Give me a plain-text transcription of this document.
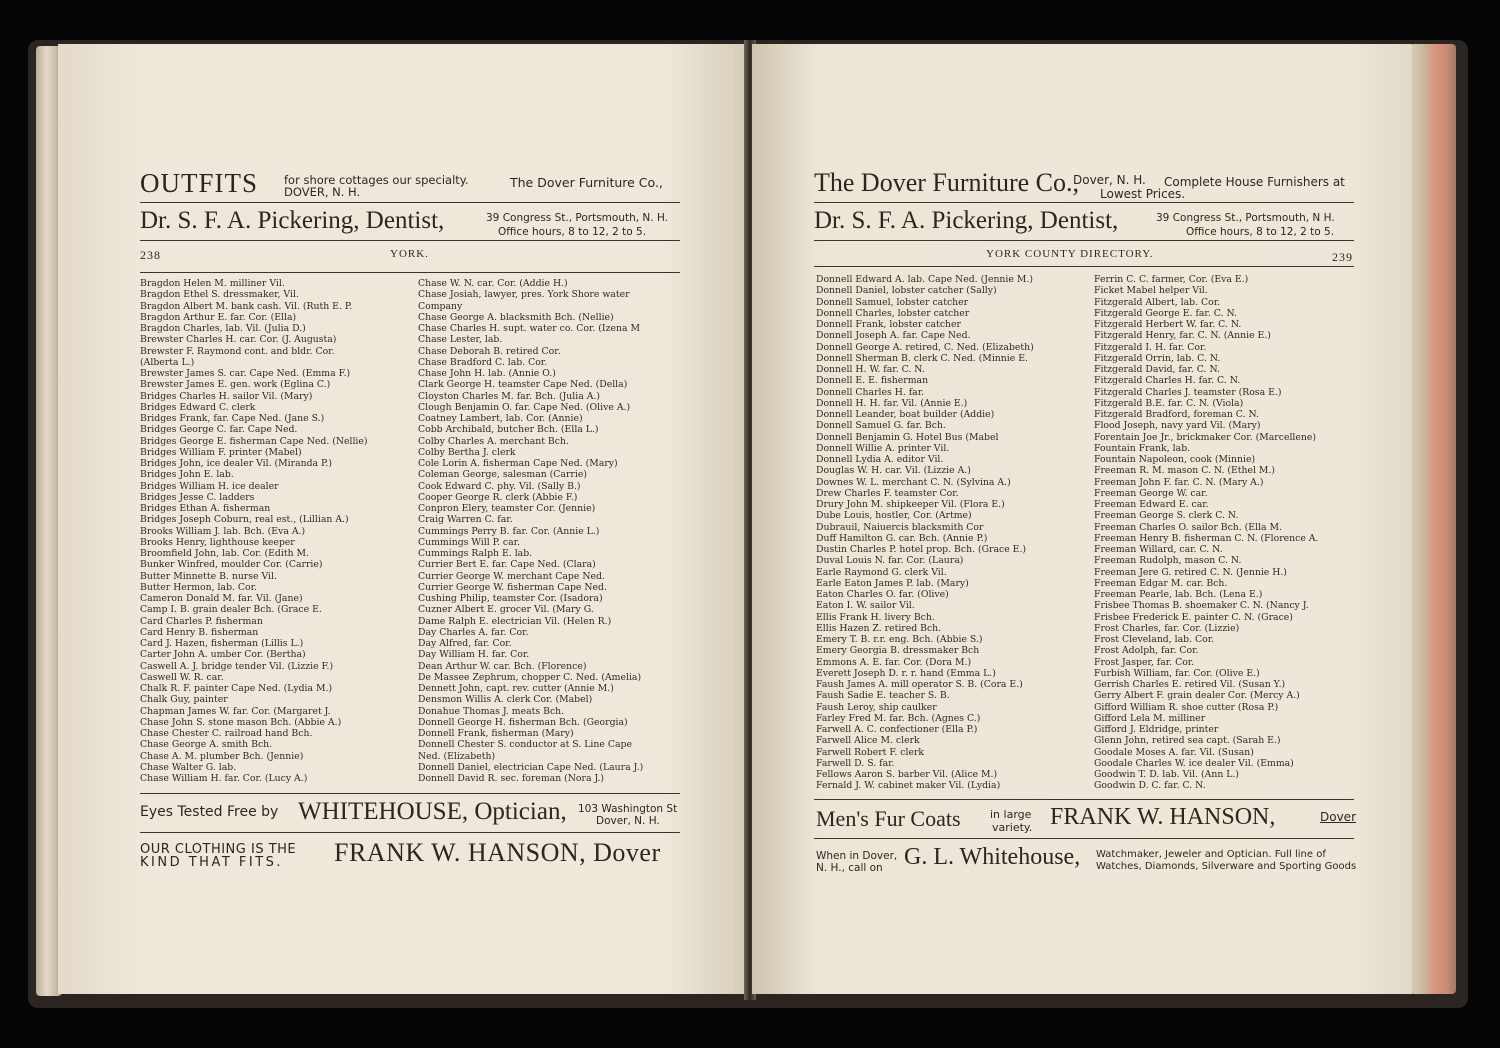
OUTFITS for shore cottages our specialty.
DOVER, N. H.
The Dover Furniture Co.,
Dr. S. F. A. Pickering, Dentist,	39 Congress St., Portsmouth, N. H.
Office hours, 8 to 12, 2 to 5.
238	YORK.
Bragdon Helen M. milliner Vil.
Bragdon Ethel S. dressmaker, Vil.
Bragdon Albert M. bank cash. Vil. (Ruth E. P.
Bragdon Arthur E. far. Cor. (Ella)
Bragdon Charles, lab. Vil. (Julia D.)
Brewster Charles H. car. Cor. (J. Augusta)
Brewster F. Raymond cont. and bldr. Cor.
(Alberta L.)
Brewster James S. car. Cape Ned. (Emma F.)
Brewster James E. gen. work (Eglina C.)
Bridges Charles H. sailor Vil. (Mary)
Bridges Edward C. clerk
Bridges Frank, far. Cape Ned. (Jane S.)
Bridges George C. far. Cape Ned.
Bridges George E. fisherman Cape Ned. (Nellie)
Bridges William F. printer (Mabel)
Bridges John, ice dealer Vil. (Miranda P.)
Bridges John E. lab.
Bridges William H. ice dealer
Bridges Jesse C. ladders
Bridges Ethan A. fisherman
Bridges Joseph Coburn, real est., (Lillian A.)
Brooks William J. lab. Bch. (Eva A.)
Brooks Henry, lighthouse keeper
Broomfield John, lab. Cor. (Edith M.
Bunker Winfred, moulder Cor. (Carrie)
Butter Minnette B. nurse Vil.
Butter Hermon, lab. Cor.
Cameron Donald M. far. Vil. (Jane)
Camp I. B. grain dealer Bch. (Grace E.
Card Charles P. fisherman
Card Henry B. fisherman
Card J. Hazen, fisherman (Lillis L.)
Carter John A. umber Cor. (Bertha)
Caswell A. J. bridge tender Vil. (Lizzie F.)
Caswell W. R. car.
Chalk R. F. painter Cape Ned. (Lydia M.)
Chalk Guy, painter
Chapman James W. far. Cor. (Margaret J.
Chase John S. stone mason Bch. (Abbie A.)
Chase Chester C. railroad hand Bch.
Chase George A. smith Bch.
Chase A. M. plumber Bch. (Jennie)
Chase Walter G. lab.
Chase William H. far. Cor. (Lucy A.)
Chase W. N. car. Cor. (Addie H.)
Chase Josiah, lawyer, pres. York Shore water
Company
Chase George A. blacksmith Bch. (Nellie)
Chase Charles H. supt. water co. Cor. (Izena M
Chase Lester, lab.
Chase Deborah B. retired Cor.
Chase Bradford C. lab. Cor.
Chase John H. lab. (Annie O.)
Clark George H. teamster Cape Ned. (Della)
Cloyston Charles M. far. Bch. (Julia A.)
Clough Benjamin O. far. Cape Ned. (Olive A.)
Coatney Lambert, lab. Cor. (Annie)
Cobb Archibald, butcher Bch. (Ella L.)
Colby Charles A. merchant Bch.
Colby Bertha J. clerk
Cole Lorin A. fisherman Cape Ned. (Mary)
Coleman George, salesman (Carrie)
Cook Edward C. phy. Vil. (Sally B.)
Cooper George R. clerk (Abbie F.)
Conpron Elery, teamster Cor. (Jennie)
Craig Warren C. far.
Cummings Perry B. far. Cor. (Annie L.)
Cummings Will P. car.
Cummings Ralph E. lab.
Currier Bert E. far. Cape Ned. (Clara)
Currier George W. merchant Cape Ned.
Currier George W. fisherman Cape Ned.
Cushing Philip, teamster Cor. (Isadora)
Cuzner Albert E. grocer Vil. (Mary G.
Dame Ralph E. electrician Vil. (Helen R.)
Day Charles A. far. Cor.
Day Alfred, far. Cor.
Day William H. far. Cor.
Dean Arthur W. car. Bch. (Florence)
De Massee Zephrum, chopper C. Ned. (Amelia)
Dennett John, capt. rev. cutter (Annie M.)
Densmon Willis A. clerk Cor. (Mabel)
Donahue Thomas J. meats Bch.
Donnell George H. fisherman Bch. (Georgia)
Donnell Frank, fisherman (Mary)
Donnell Chester S. conductor at S. Line Cape
Ned. (Elizabeth)
Donnell Daniel, electrician Cape Ned. (Laura J.)
Donnell David R. sec. foreman (Nora J.)
Eyes Tested Free by WHITEHOUSE, Optician, 103 Washington St
Dover, N. H.
OUR CLOTHING IS THE
KIND THAT FITS. FRANK W. HANSON, Dover
The Dover Furniture Co.,
Dover, N. H. Complete House Furnishers at
Lowest Prices.
Dr. S. F. A. Pickering, Dentist,	39 Congress St., Portsmouth, N H.
Office hours, 8 to 12, 2 to 5.
YORK COUNTY DIRECTORY.	239
Donnell Edward A. lab. Cape Ned. (Jennie M.)
Donnell Daniel, lobster catcher (Sally)
Donnell Samuel, lobster catcher
Donnell Charles, lobster catcher
Donnell Frank, lobster catcher
Donnell Joseph A. far. Cape Ned.
Donnell George A. retired, C. Ned. (Elizabeth)
Donnell Sherman B. clerk C. Ned. (Minnie E.
Donnell H. W. far. C. N.
Donnell E. E. fisherman
Donnell Charles H. far.
Donnell H. H. far. Vil. (Annie E.)
Donnell Leander, boat builder (Addie)
Donnell Samuel G. far. Bch.
Donnell Benjamin G. Hotel Bus (Mabel
Donnell Willie A. printer Vil.
Donnell Lydia A. editor Vil.
Douglas W. H. car. Vil. (Lizzie A.)
Downes W. L. merchant C. N. (Sylvina A.)
Drew Charles F. teamster Cor.
Drury John M. shipkeeper Vil. (Flora E.)
Dube Louis, hostler, Cor. (Artme)
Dubrauil, Naiuercis blacksmith Cor
Duff Hamilton G. car. Bch. (Annie P.)
Dustin Charles P. hotel prop. Bch. (Grace E.)
Duval Louis N. far. Cor. (Laura)
Earle Raymond G. clerk Vil.
Earle Eaton James P. lab. (Mary)
Eaton Charles O. far. (Olive)
Eaton I. W. sailor Vil.
Ellis Frank H. livery Bch.
Ellis Hazen Z. retired Bch.
Emery T. B. r.r. eng. Bch. (Abbie S.)
Emery Georgia B. dressmaker Bch
Emmons A. E. far. Cor. (Dora M.)
Everett Joseph D. r. r. hand (Emma L.)
Faush James A. mill operator S. B. (Cora E.)
Faush Sadie E. teacher S. B.
Faush Leroy, ship caulker
Farley Fred M. far. Bch. (Agnes C.)
Farwell A. C. confectioner (Ella P.)
Farwell Alice M. clerk
Farwell Robert F. clerk
Farwell D. S. far.
Fellows Aaron S. barber Vil. (Alice M.)
Fernald J. W. cabinet maker Vil. (Lydia)
Ferrin C. C. farmer, Cor. (Eva E.)
Ficket Mabel helper Vil.
Fitzgerald Albert, lab. Cor.
Fitzgerald George E. far. C. N.
Fitzgerald Herbert W. far. C. N.
Fitzgerald Henry, far. C. N. (Annie E.)
Fitzgerald I. H. far. Cor.
Fitzgerald Orrin, lab. C. N.
Fitzgerald David, far. C. N.
Fitzgerald Charles H. far. C. N.
Fitzgerald Charles J. teamster (Rosa E.)
Fitzgerald B.E. far. C. N. (Viola)
Fitzgerald Bradford, foreman C. N.
Flood Joseph, navy yard Vil. (Mary)
Forentain Joe Jr., brickmaker Cor. (Marcellene)
Fountain Frank, lab.
Fountain Napoleon, cook (Minnie)
Freeman R. M. mason C. N. (Ethel M.)
Freeman John F. far. C. N. (Mary A.)
Freeman George W. car.
Freeman Edward E. car.
Freeman George S. clerk C. N.
Freeman Charles O. sailor Bch. (Ella M.
Freeman Henry B. fisherman C. N. (Florence A.
Freeman Willard, car. C. N.
Freeman Rudolph, mason C. N.
Freeman Jere G. retired C. N. (Jennie H.)
Freeman Edgar M. car. Bch.
Freeman Pearle, lab. Bch. (Lena E.)
Frisbee Thomas B. shoemaker C. N. (Nancy J.
Frisbee Frederick E. painter C. N. (Grace)
Frost Charles, far. Cor. (Lizzie)
Frost Cleveland, lab. Cor.
Frost Adolph, far. Cor.
Frost Jasper, far. Cor.
Furbish William, far. Cor. (Olive E.)
Gerrish Charles E. retired Vil. (Susan Y.)
Gerry Albert F. grain dealer Cor. (Mercy A.)
Gifford William R. shoe cutter (Rosa P.)
Gifford Lela M. milliner
Gifford J. Eldridge, printer
Glenn John, retired sea capt. (Sarah E.)
Goodale Moses A. far. Vil. (Susan)
Goodale Charles W. ice dealer Vil. (Emma)
Goodwin T. D. lab. Vil. (Ann L.)
Goodwin D. C. far. C. N.
Men's Fur Coats	in large
variety. FRANK W. HANSON,	Dover
When in Dover,
N. H., call on G. L. Whitehouse, Watchmaker, Jeweler and Optician. Full line of
Watches, Diamonds, Silverware and Sporting Goods
